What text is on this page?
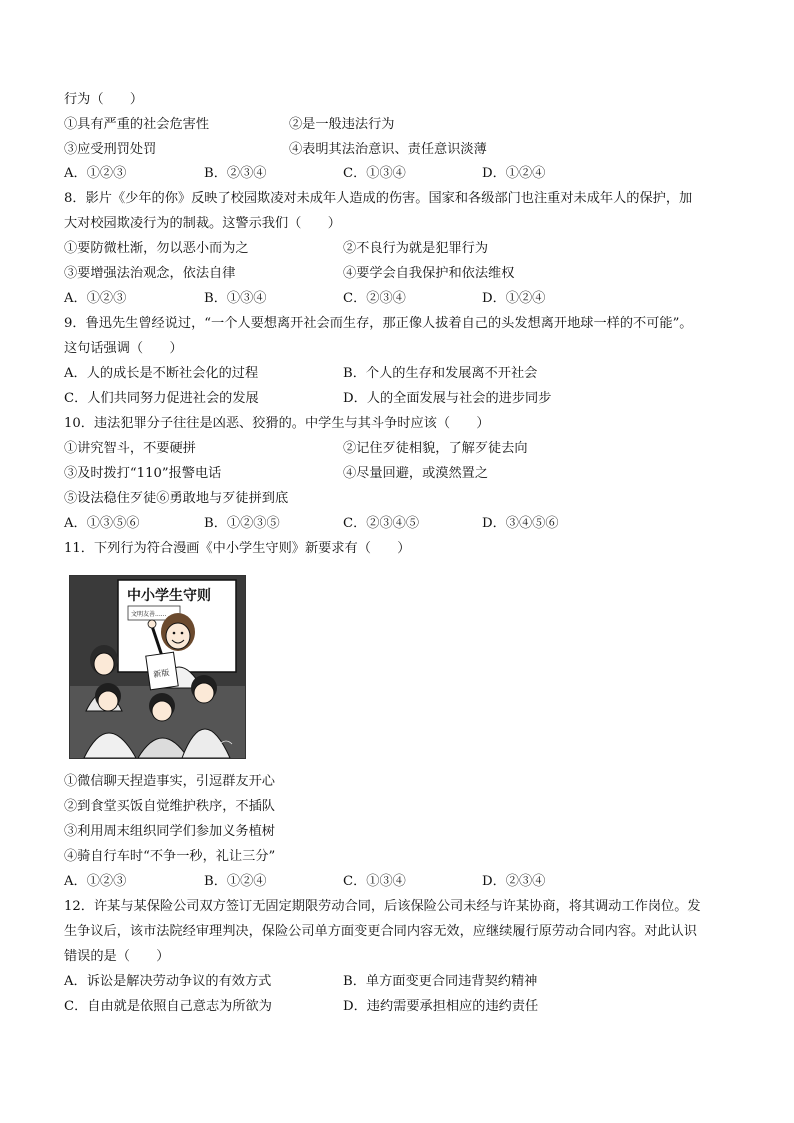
行为（　　）
①具有严重的社会危害性	②是一般违法行为
③应受刑罚处罚	④表明其法治意识、责任意识淡薄
A．①②③	B．②③④	C．①③④	D．①②④
8．影片《少年的你》反映了校园欺凌对未成年人造成的伤害。国家和各级部门也注重对未成年人的保护，加
大对校园欺凌行为的制裁。这警示我们（　　）
①要防微杜渐，勿以恶小而为之	②不良行为就是犯罪行为
③要增强法治观念，依法自律	④要学会自我保护和依法维权
A．①②③	B．①③④	C．②③④	D．①②④
9．鲁迅先生曾经说过，“一个人要想离开社会而生存，那正像人拔着自己的头发想离开地球一样的不可能”。
这句话强调（　　）
A．人的成长是不断社会化的过程	B．个人的生存和发展离不开社会
C．人们共同努力促进社会的发展	D．人的全面发展与社会的进步同步
10．违法犯罪分子往往是凶恶、狡猾的。中学生与其斗争时应该（　　）
①讲究智斗，不要硬拼	②记住歹徒相貌，了解歹徒去向
③及时拨打“110”报警电话	④尽量回避，或漠然置之
⑤设法稳住歹徒⑥勇敢地与歹徒拼到底
A．①③⑤⑥	B．①②③⑤	C．②③④⑤	D．③④⑤⑥
11．下列行为符合漫画《中小学生守则》新要求有（　　）
中小学生守则
文明友善......
新版
①微信聊天捏造事实，引逗群友开心
②到食堂买饭自觉维护秩序，不插队
③利用周末组织同学们参加义务植树
④骑自行车时“不争一秒，礼让三分”
A．①②③	B．①②④	C．①③④	D．②③④
12．许某与某保险公司双方签订无固定期限劳动合同，后该保险公司未经与许某协商，将其调动工作岗位。发
生争议后，该市法院经审理判决，保险公司单方面变更合同内容无效，应继续履行原劳动合同内容。对此认识
错误的是（　　）
A．诉讼是解决劳动争议的有效方式	B．单方面变更合同违背契约精神
C．自由就是依照自己意志为所欲为	D．违约需要承担相应的违约责任
